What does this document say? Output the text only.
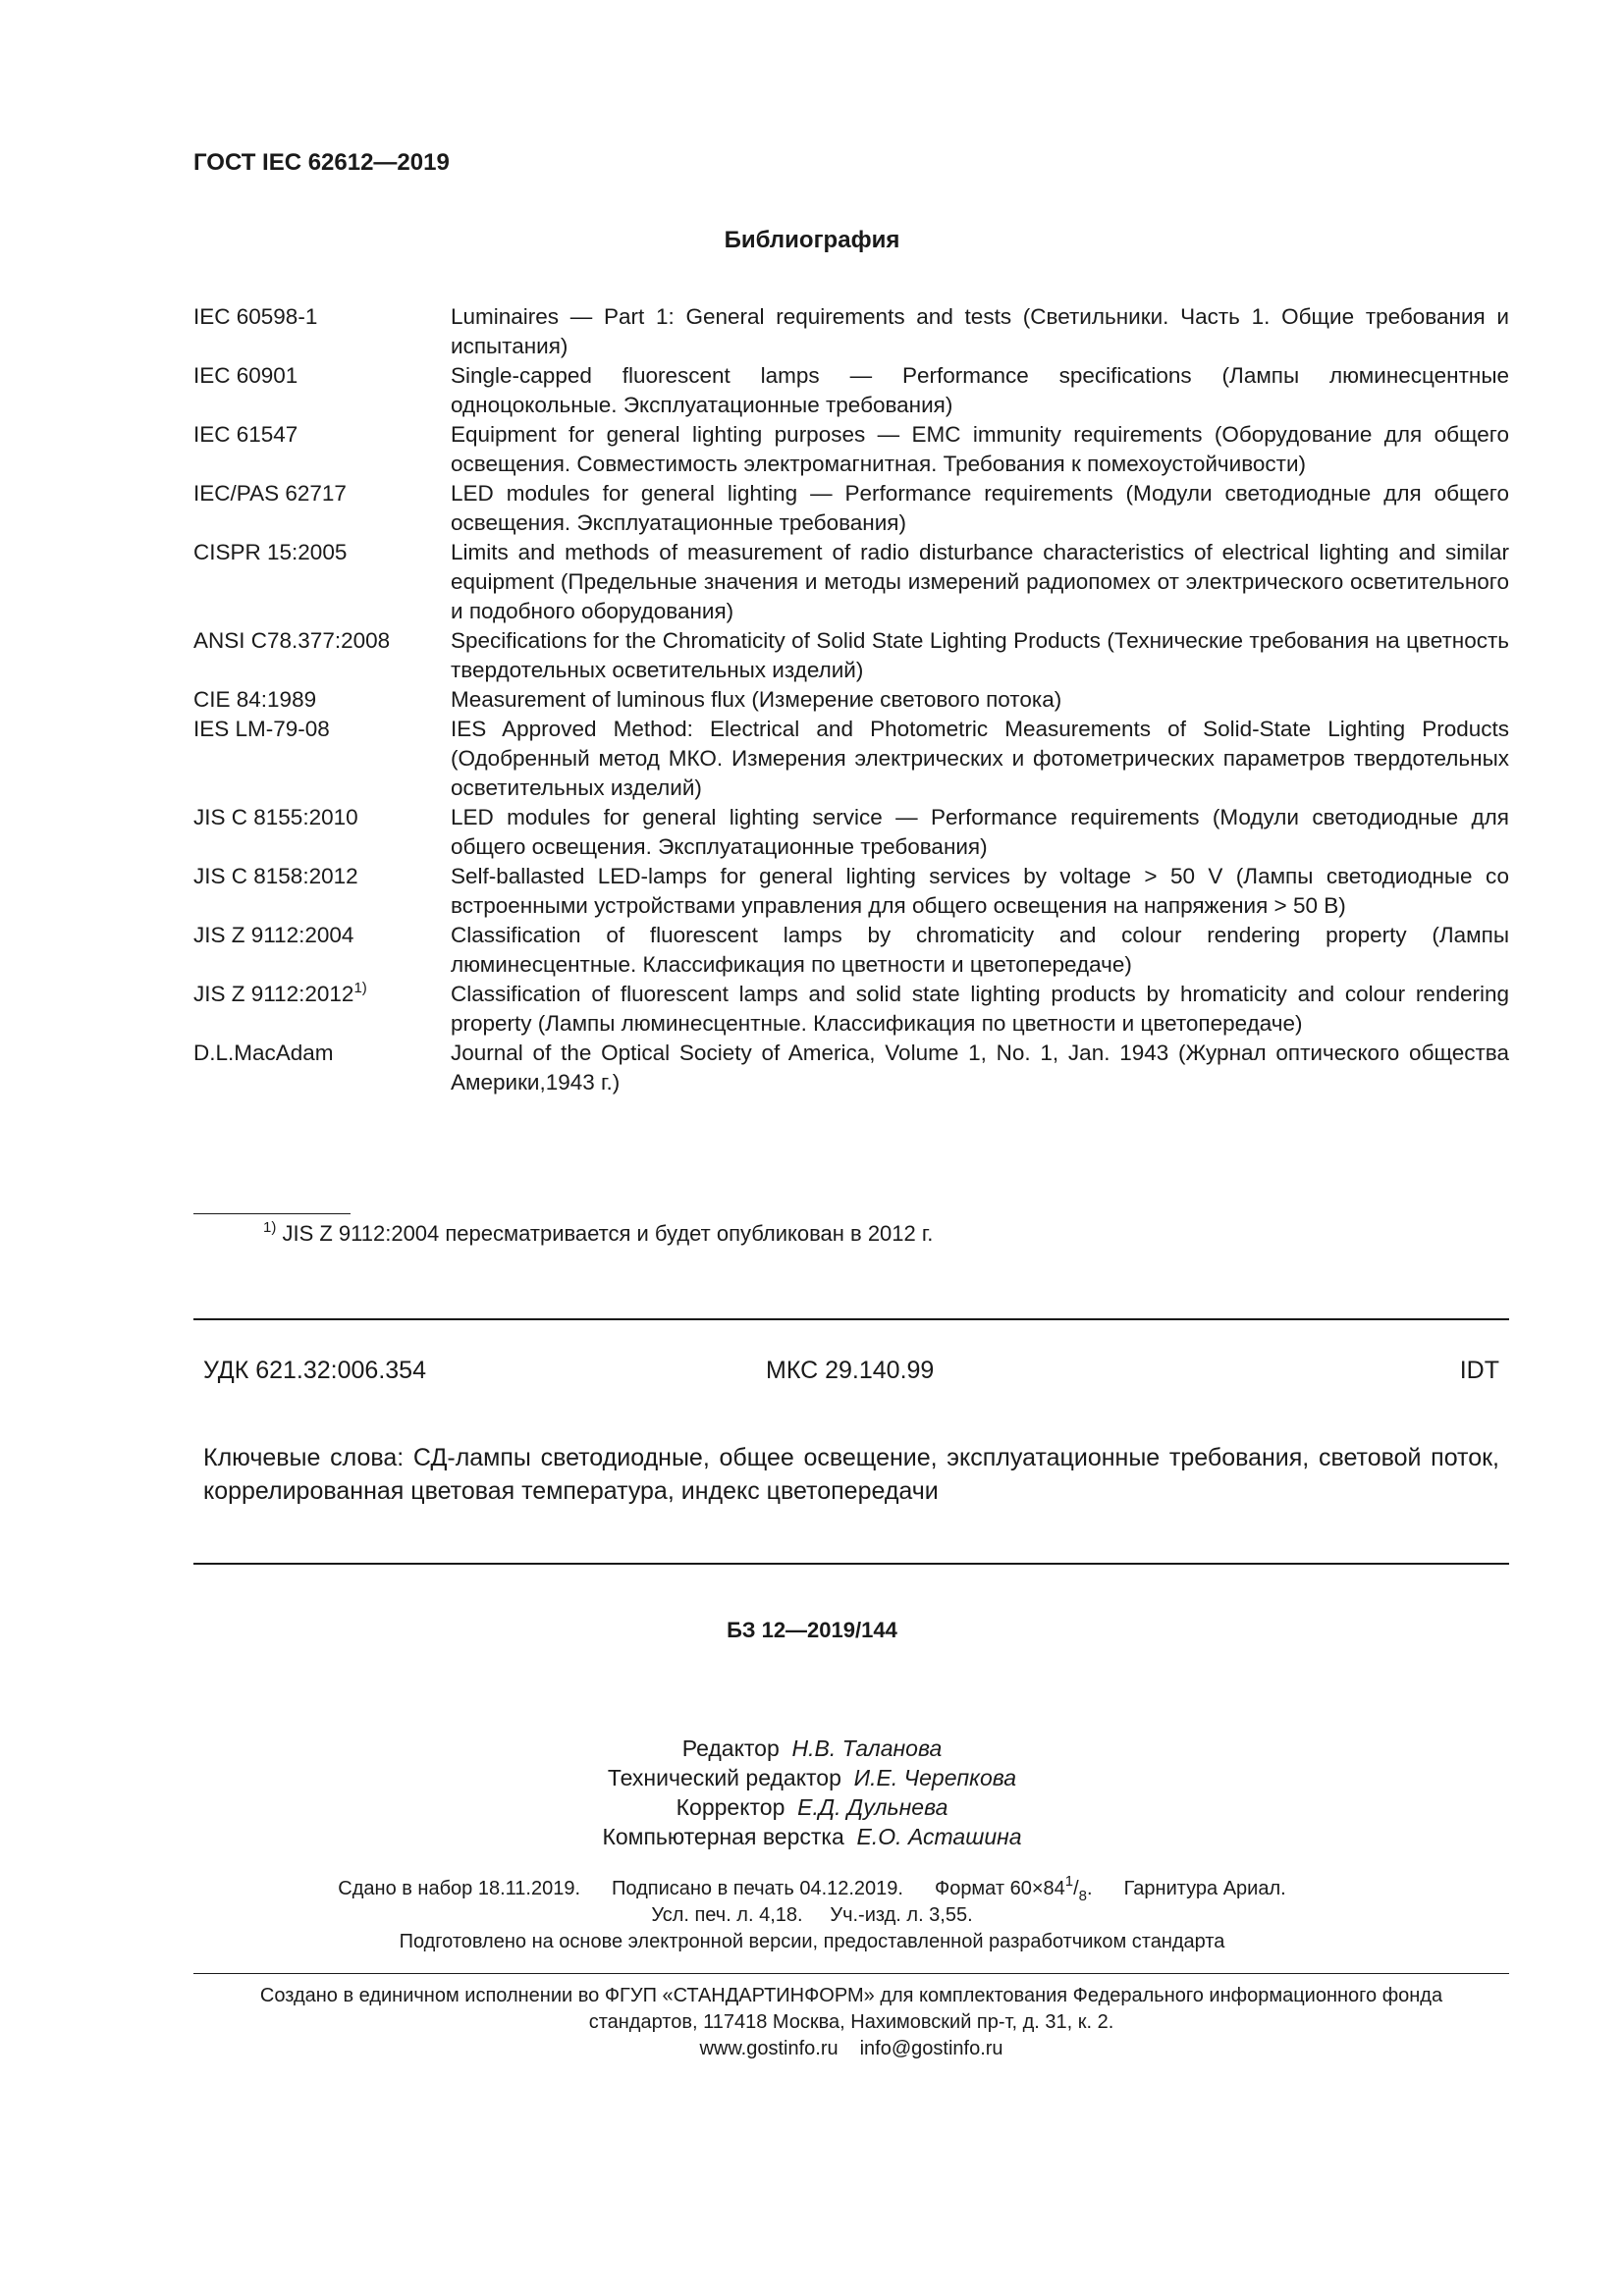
ГОСТ IEC 62612—2019
Библиография
IEC 60598-1	Luminaires — Part 1: General requirements and tests (Светильники. Часть 1. Общие требования и испытания)
IEC 60901	Single-capped fluorescent lamps — Performance specifications (Лампы люминесцентные одноцокольные. Эксплуатационные требования)
IEC 61547	Equipment for general lighting purposes — EMC immunity requirements (Оборудование для общего освещения. Совместимость электромагнитная. Требования к помехоустойчивости)
IEC/PAS 62717	LED modules for general lighting — Performance requirements (Модули светодиодные для общего освещения. Эксплуатационные требования)
CISPR 15:2005	Limits and methods of measurement of radio disturbance characteristics of electrical lighting and similar equipment (Предельные значения и методы измерений радиопомех от электрического осветительного и подобного оборудования)
ANSI C78.377:2008	Specifications for the Chromaticity of Solid State Lighting Products (Технические требования на цветность твердотельных осветительных изделий)
CIE 84:1989	Measurement of luminous flux (Измерение светового потока)
IES LM-79-08	IES Approved Method: Electrical and Photometric Measurements of Solid-State Lighting Products (Одобренный метод МКО. Измерения электрических и фотометрических параметров твердотельных осветительных изделий)
JIS C 8155:2010	LED modules for general lighting service — Performance requirements (Модули светодиодные для общего освещения. Эксплуатационные требования)
JIS C 8158:2012	Self-ballasted LED-lamps for general lighting services by voltage > 50 V (Лампы светодиодные со встроенными устройствами управления для общего освещения на напряжения > 50 В)
JIS Z 9112:2004	Classification of fluorescent lamps by chromaticity and colour rendering property (Лампы люминесцентные. Классификация по цветности и цветопередаче)
JIS Z 9112:2012$^{1)}$	Classification of fluorescent lamps and solid state lighting products by hromaticity and colour rendering property (Лампы люминесцентные. Классификация по цветности и цветопередаче)
D.L.MacAdam	Journal of the Optical Society of America, Volume 1, No. 1, Jan. 1943 (Журнал оптического общества Америки,1943 г.)
$^{1)}$ JIS Z 9112:2004 пересматривается и будет опубликован в 2012 г.
УДК 621.32:006.354	МКС 29.140.99	IDT
Ключевые слова: СД-лампы светодиодные, общее освещение, эксплуатационные требования, световой поток, коррелированная цветовая температура, индекс цветопередачи
БЗ 12—2019/144
Редактор Н.В. Таланова
Технический редактор И.Е. Черепкова
Корректор Е.Д. Дульнева
Компьютерная верстка Е.О. Асташина
Сдано в набор 18.11.2019. Подписано в печать 04.12.2019. Формат $60\times 84^1/_8$. Гарнитура Ариал.
Усл. печ. л. 4,18. Уч.-изд. л. 3,55.
Подготовлено на основе электронной версии, предоставленной разработчиком стандарта
Создано в единичном исполнении во ФГУП «СТАНДАРТИНФОРМ» для комплектования Федерального информационного фонда
стандартов, 117418 Москва, Нахимовский пр-т, д. 31, к. 2.
www.gostinfo.ru info@gostinfo.ru
